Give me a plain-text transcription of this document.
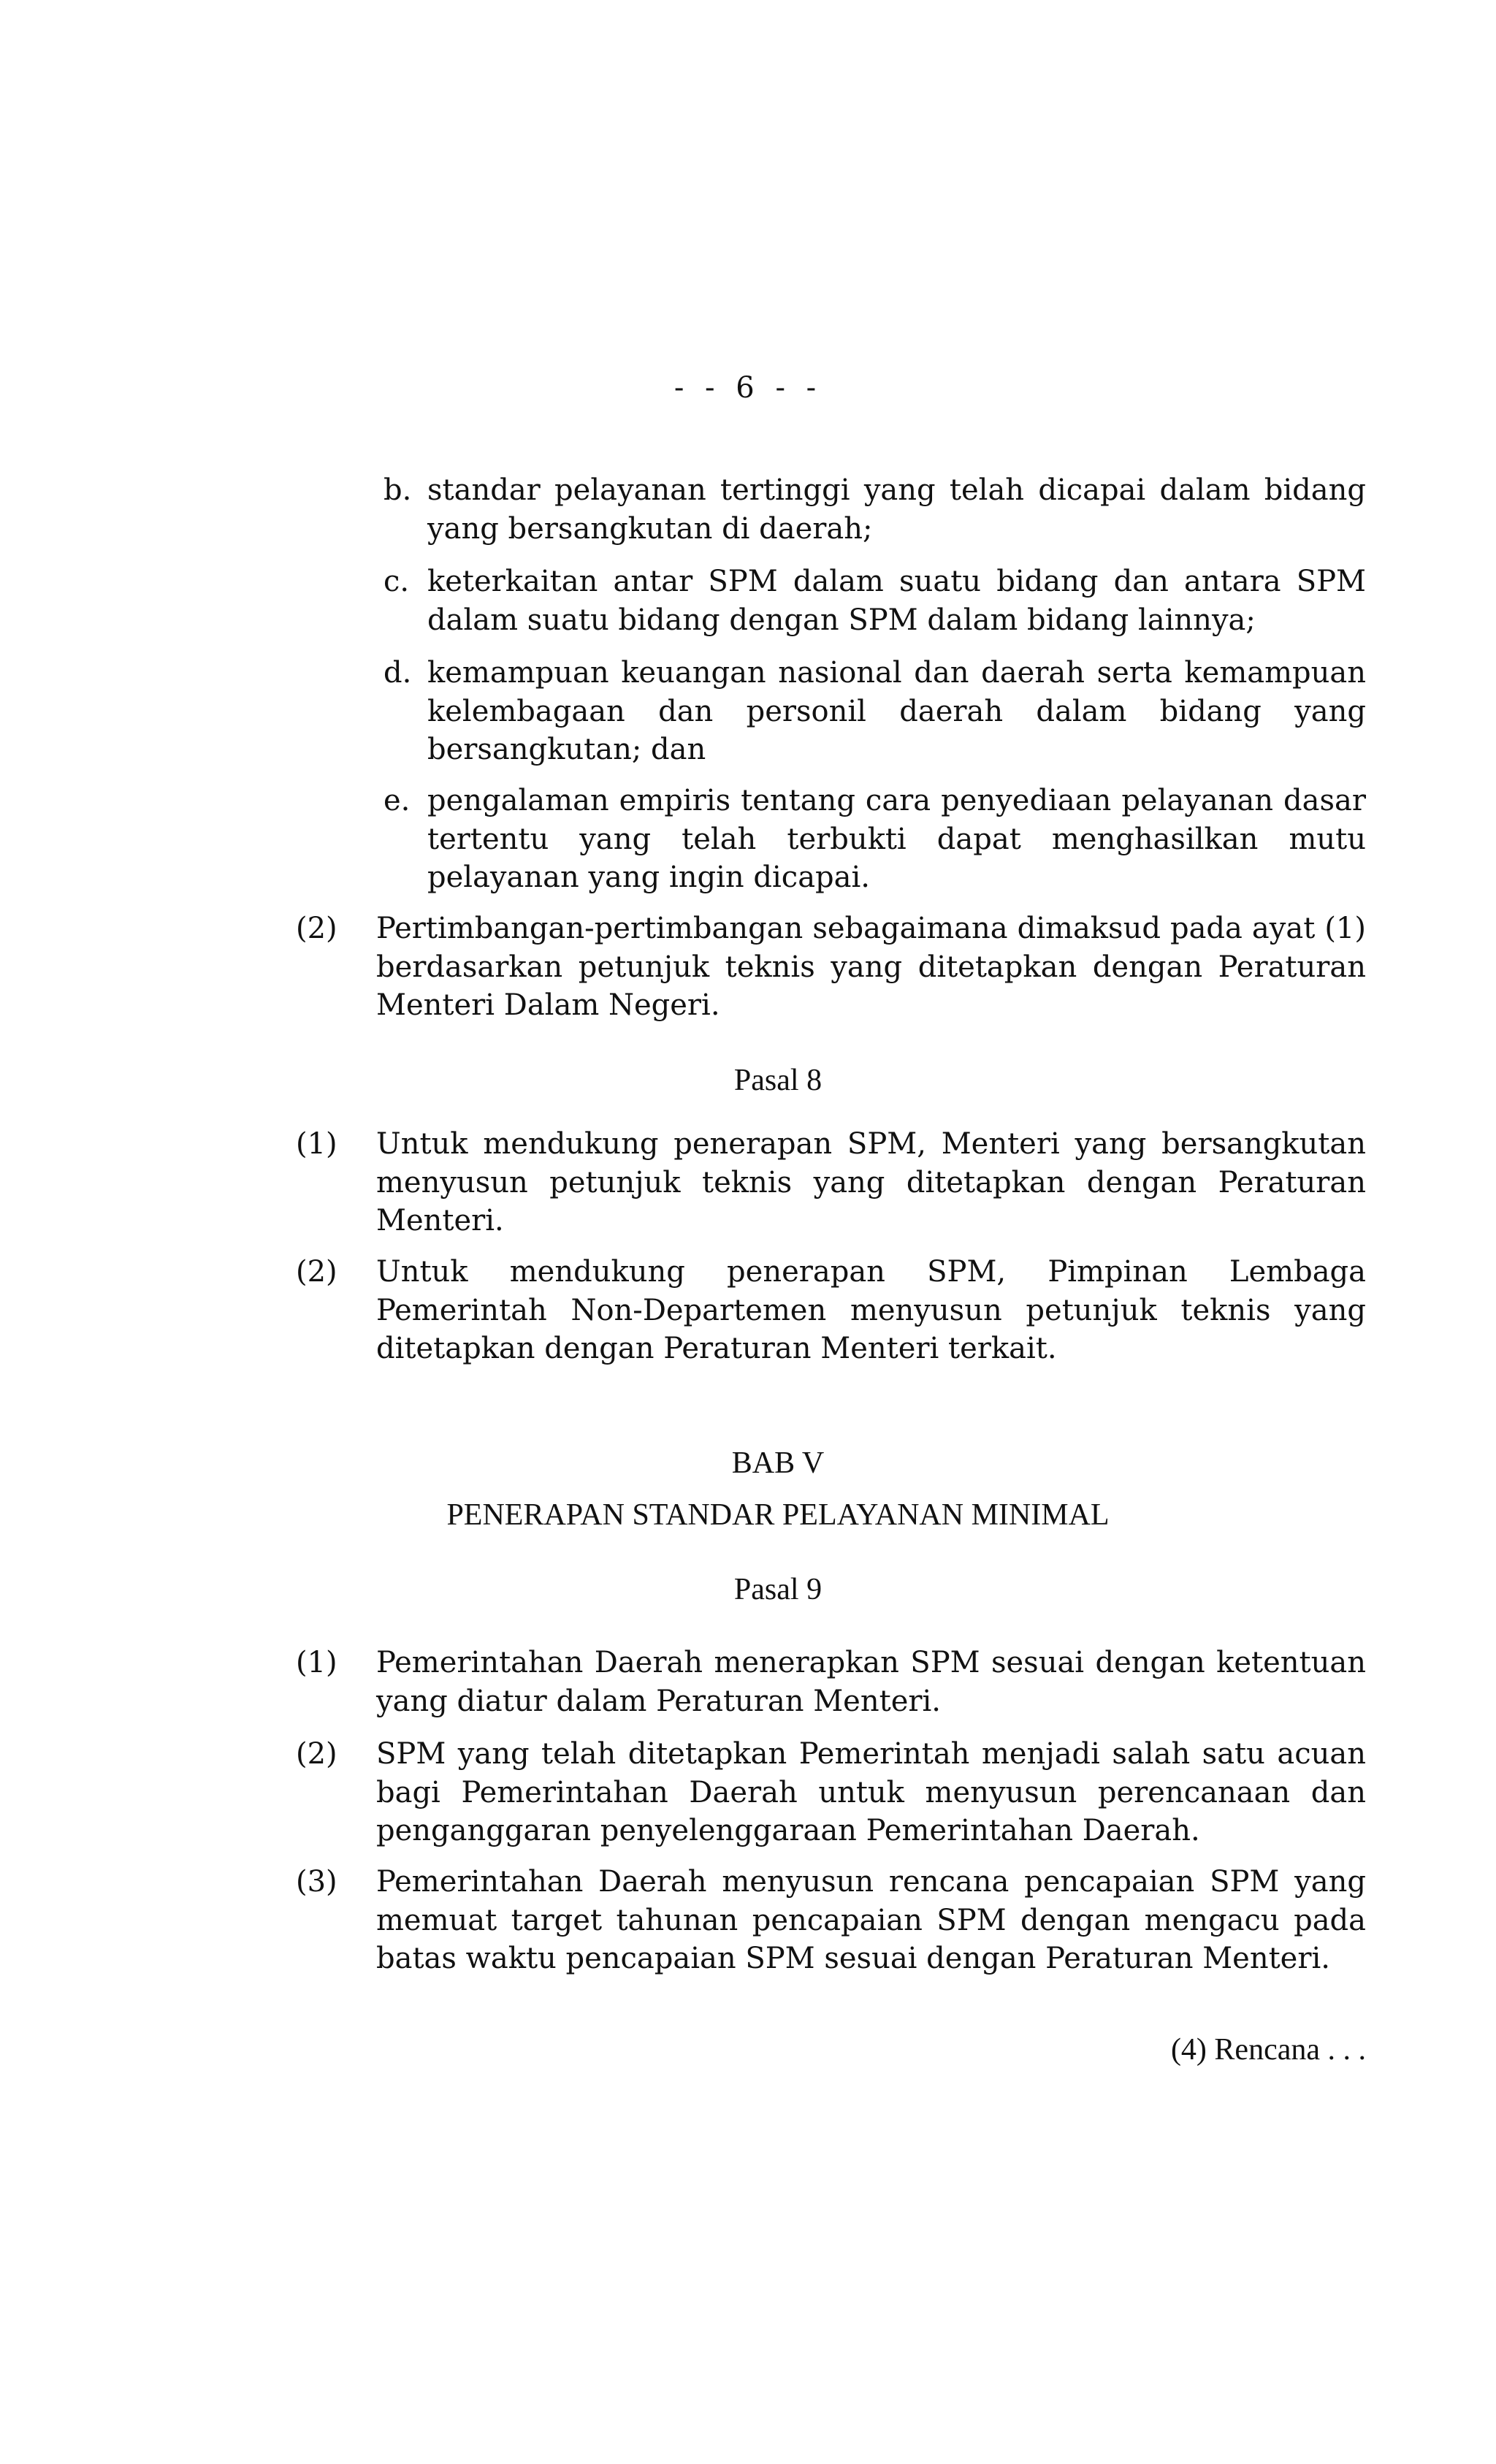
- - 6 - -
b. standar pelayanan tertinggi yang telah dicapai dalam bidang yang bersangkutan di daerah;
c. keterkaitan antar SPM dalam suatu bidang dan antara SPM dalam suatu bidang dengan SPM dalam bidang lainnya;
d. kemampuan keuangan nasional dan daerah serta kemampuan kelembagaan dan personil daerah dalam bidang yang bersangkutan; dan
e. pengalaman empiris tentang cara penyediaan pelayanan dasar tertentu yang telah terbukti dapat menghasilkan mutu pelayanan yang ingin dicapai.
(2) Pertimbangan-pertimbangan sebagaimana dimaksud pada ayat (1) berdasarkan petunjuk teknis yang ditetapkan dengan Peraturan Menteri Dalam Negeri.
Pasal 8
(1) Untuk mendukung penerapan SPM, Menteri yang bersangkutan menyusun petunjuk teknis yang ditetapkan dengan Peraturan Menteri.
(2) Untuk mendukung penerapan SPM, Pimpinan Lembaga Pemerintah Non-Departemen menyusun petunjuk teknis yang ditetapkan dengan Peraturan Menteri terkait.
BAB V
PENERAPAN STANDAR PELAYANAN MINIMAL
Pasal 9
(1) Pemerintahan Daerah menerapkan SPM sesuai dengan ketentuan yang diatur dalam Peraturan Menteri.
(2) SPM yang telah ditetapkan Pemerintah menjadi salah satu acuan bagi Pemerintahan Daerah untuk menyusun perencanaan dan penganggaran penyelenggaraan Pemerintahan Daerah.
(3) Pemerintahan Daerah menyusun rencana pencapaian SPM yang memuat target tahunan pencapaian SPM dengan mengacu pada batas waktu pencapaian SPM sesuai dengan Peraturan Menteri.
(4) Rencana . . .
